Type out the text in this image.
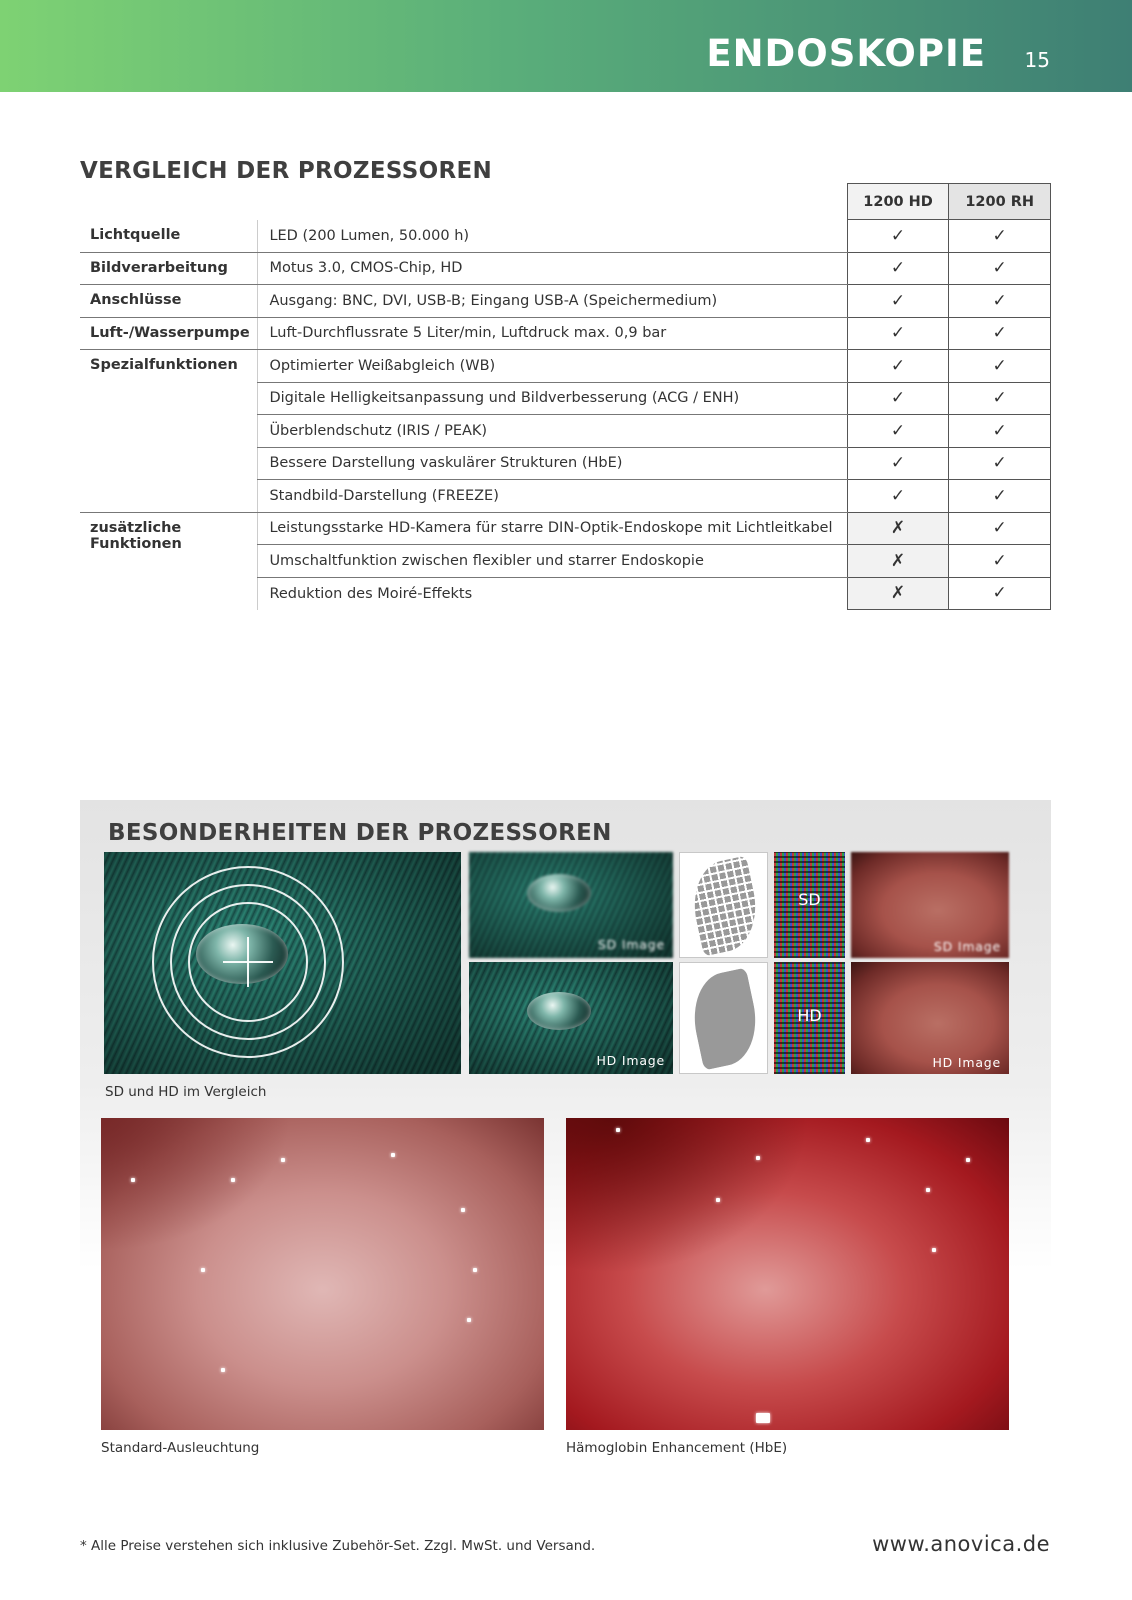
ENDOSKOPIE 15
VERGLEICH DER PROZESSOREN
		1200 HD	1200 RH
Lichtquelle	LED (200 Lumen, 50.000 h)	✓	✓
Bildverarbeitung	Motus 3.0, CMOS-Chip, HD	✓	✓
Anschlüsse	Ausgang: BNC, DVI, USB-B; Eingang USB-A (Speichermedium)	✓	✓
Luft-/Wasserpumpe	Luft-Durchflussrate 5 Liter/min, Luftdruck max. 0,9 bar	✓	✓
Spezialfunktionen	Optimierter Weißabgleich (WB)	✓	✓
	Digitale Helligkeitsanpassung und Bildverbesserung (ACG / ENH)	✓	✓
	Überblendschutz (IRIS / PEAK)	✓	✓
	Bessere Darstellung vaskulärer Strukturen (HbE)	✓	✓
	Standbild-Darstellung (FREEZE)	✓	✓
zusätzliche Funktionen	Leistungsstarke HD-Kamera für starre DIN-Optik-Endoskope mit Lichtleitkabel	✗	✓
	Umschaltfunktion zwischen flexibler und starrer Endoskopie	✗	✓
	Reduktion des Moiré-Effekts	✗	✓
BESONDERHEITEN DER PROZESSOREN
SD Image
HD Image
SD
HD
SD Image
HD Image
SD und HD im Vergleich
Standard-Ausleuchtung	Hämoglobin Enhancement (HbE)
* Alle Preise verstehen sich inklusive Zubehör-Set. Zzgl. MwSt. und Versand.	www.anovica.de
